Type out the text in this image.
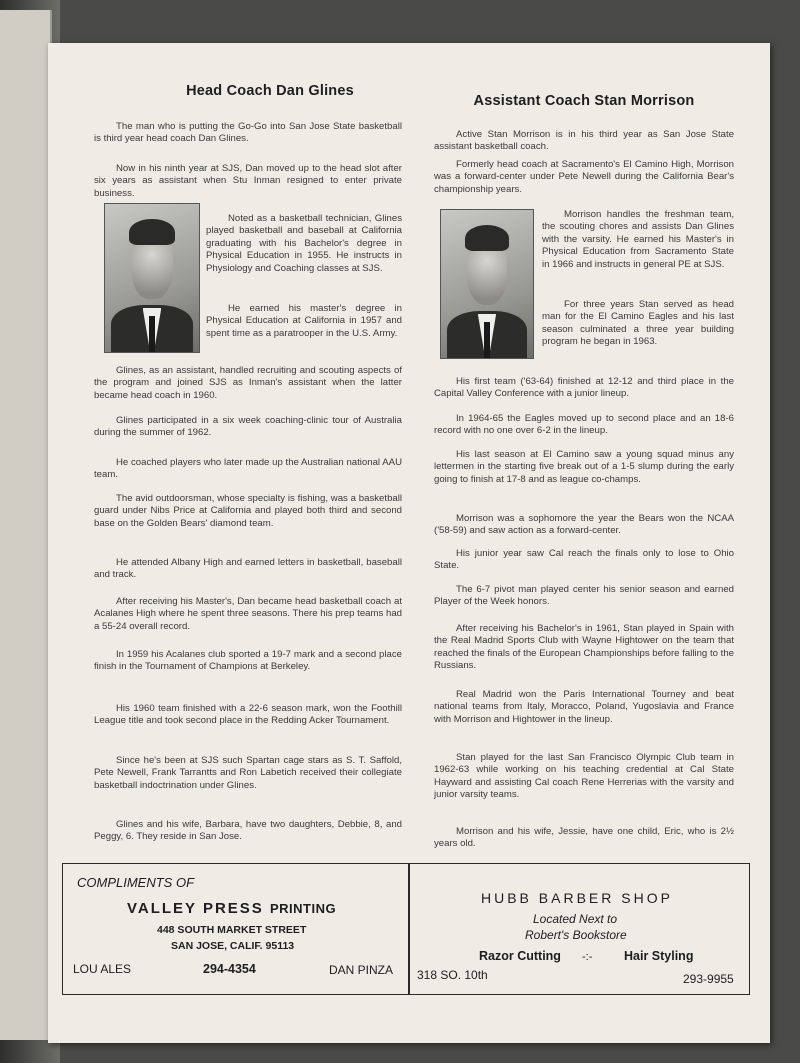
Head Coach Dan Glines
The man who is putting the Go-Go into San Jose State basketball is third year head coach Dan Glines.
Now in his ninth year at SJS, Dan moved up to the head slot after six years as assistant when Stu Inman resigned to enter private business.
Noted as a basketball technician, Glines played basketball and baseball at California graduating with his Bachelor's degree in Physical Education in 1955. He instructs in Physiology and Coaching classes at SJS.
He earned his master's degree in Physical Education at California in 1957 and spent time as a paratrooper in the U.S. Army.
Glines, as an assistant, handled recruiting and scouting aspects of the program and joined SJS as Inman's assistant when the latter became head coach in 1960.
Glines participated in a six week coaching-clinic tour of Australia during the summer of 1962.
He coached players who later made up the Australian national AAU team.
The avid outdoorsman, whose specialty is fishing, was a basketball guard under Nibs Price at California and played both third and second base on the Golden Bears' diamond team.
He attended Albany High and earned letters in basketball, baseball and track.
After receiving his Master's, Dan became head basketball coach at Acalanes High where he spent three seasons. There his prep teams had a 55-24 overall record.
In 1959 his Acalanes club sported a 19-7 mark and a second place finish in the Tournament of Champions at Berkeley.
His 1960 team finished with a 22-6 season mark, won the Foothill League title and took second place in the Redding Acker Tournament.
Since he's been at SJS such Spartan cage stars as S. T. Saffold, Pete Newell, Frank Tarrantts and Ron Labetich received their collegiate basketball indoctrination under Glines.
Glines and his wife, Barbara, have two daughters, Debbie, 8, and Peggy, 6. They reside in San Jose.
Assistant Coach Stan Morrison
Active Stan Morrison is in his third year as San Jose State assistant basketball coach.
Formerly head coach at Sacramento's El Camino High, Morrison was a forward-center under Pete Newell during the California Bear's championship years.
Morrison handles the freshman team, the scouting chores and assists Dan Glines with the varsity. He earned his Master's in Physical Education from Sacramento State in 1966 and instructs in general PE at SJS.
For three years Stan served as head man for the El Camino Eagles and his last season culminated a three year building program he began in 1963.
His first team ('63-64) finished at 12-12 and third place in the Capital Valley Conference with a junior lineup.
In 1964-65 the Eagles moved up to second place and an 18-6 record with no one over 6-2 in the lineup.
His last season at El Camino saw a young squad minus any lettermen in the starting five break out of a 1-5 slump during the early going to finish at 17-8 and as league co-champs.
Morrison was a sophomore the year the Bears won the NCAA ('58-59) and saw action as a forward-center.
His junior year saw Cal reach the finals only to lose to Ohio State.
The 6-7 pivot man played center his senior season and earned Player of the Week honors.
After receiving his Bachelor's in 1961, Stan played in Spain with the Real Madrid Sports Club with Wayne Hightower on the team that reached the finals of the European Championships before falling to the Russians.
Real Madrid won the Paris International Tourney and beat national teams from Italy, Moracco, Poland, Yugoslavia and France with Morrison and Hightower in the lineup.
Stan played for the last San Francisco Olympic Club team in 1962-63 while working on his teaching credential at Cal State Hayward and assisting Cal coach Rene Herrerias with the varsity and junior varsity teams.
Morrison and his wife, Jessie, have one child, Eric, who is 2½ years old.
COMPLIMENTS OF
VALLEY PRESS PRINTING
448 SOUTH MARKET STREET
SAN JOSE, CALIF. 95113
LOU ALES	294-4354	DAN PINZA
HUBB BARBER SHOP
Located Next to
Robert's Bookstore
Razor Cutting -:-	Hair Styling
318 SO. 10th	293-9955
